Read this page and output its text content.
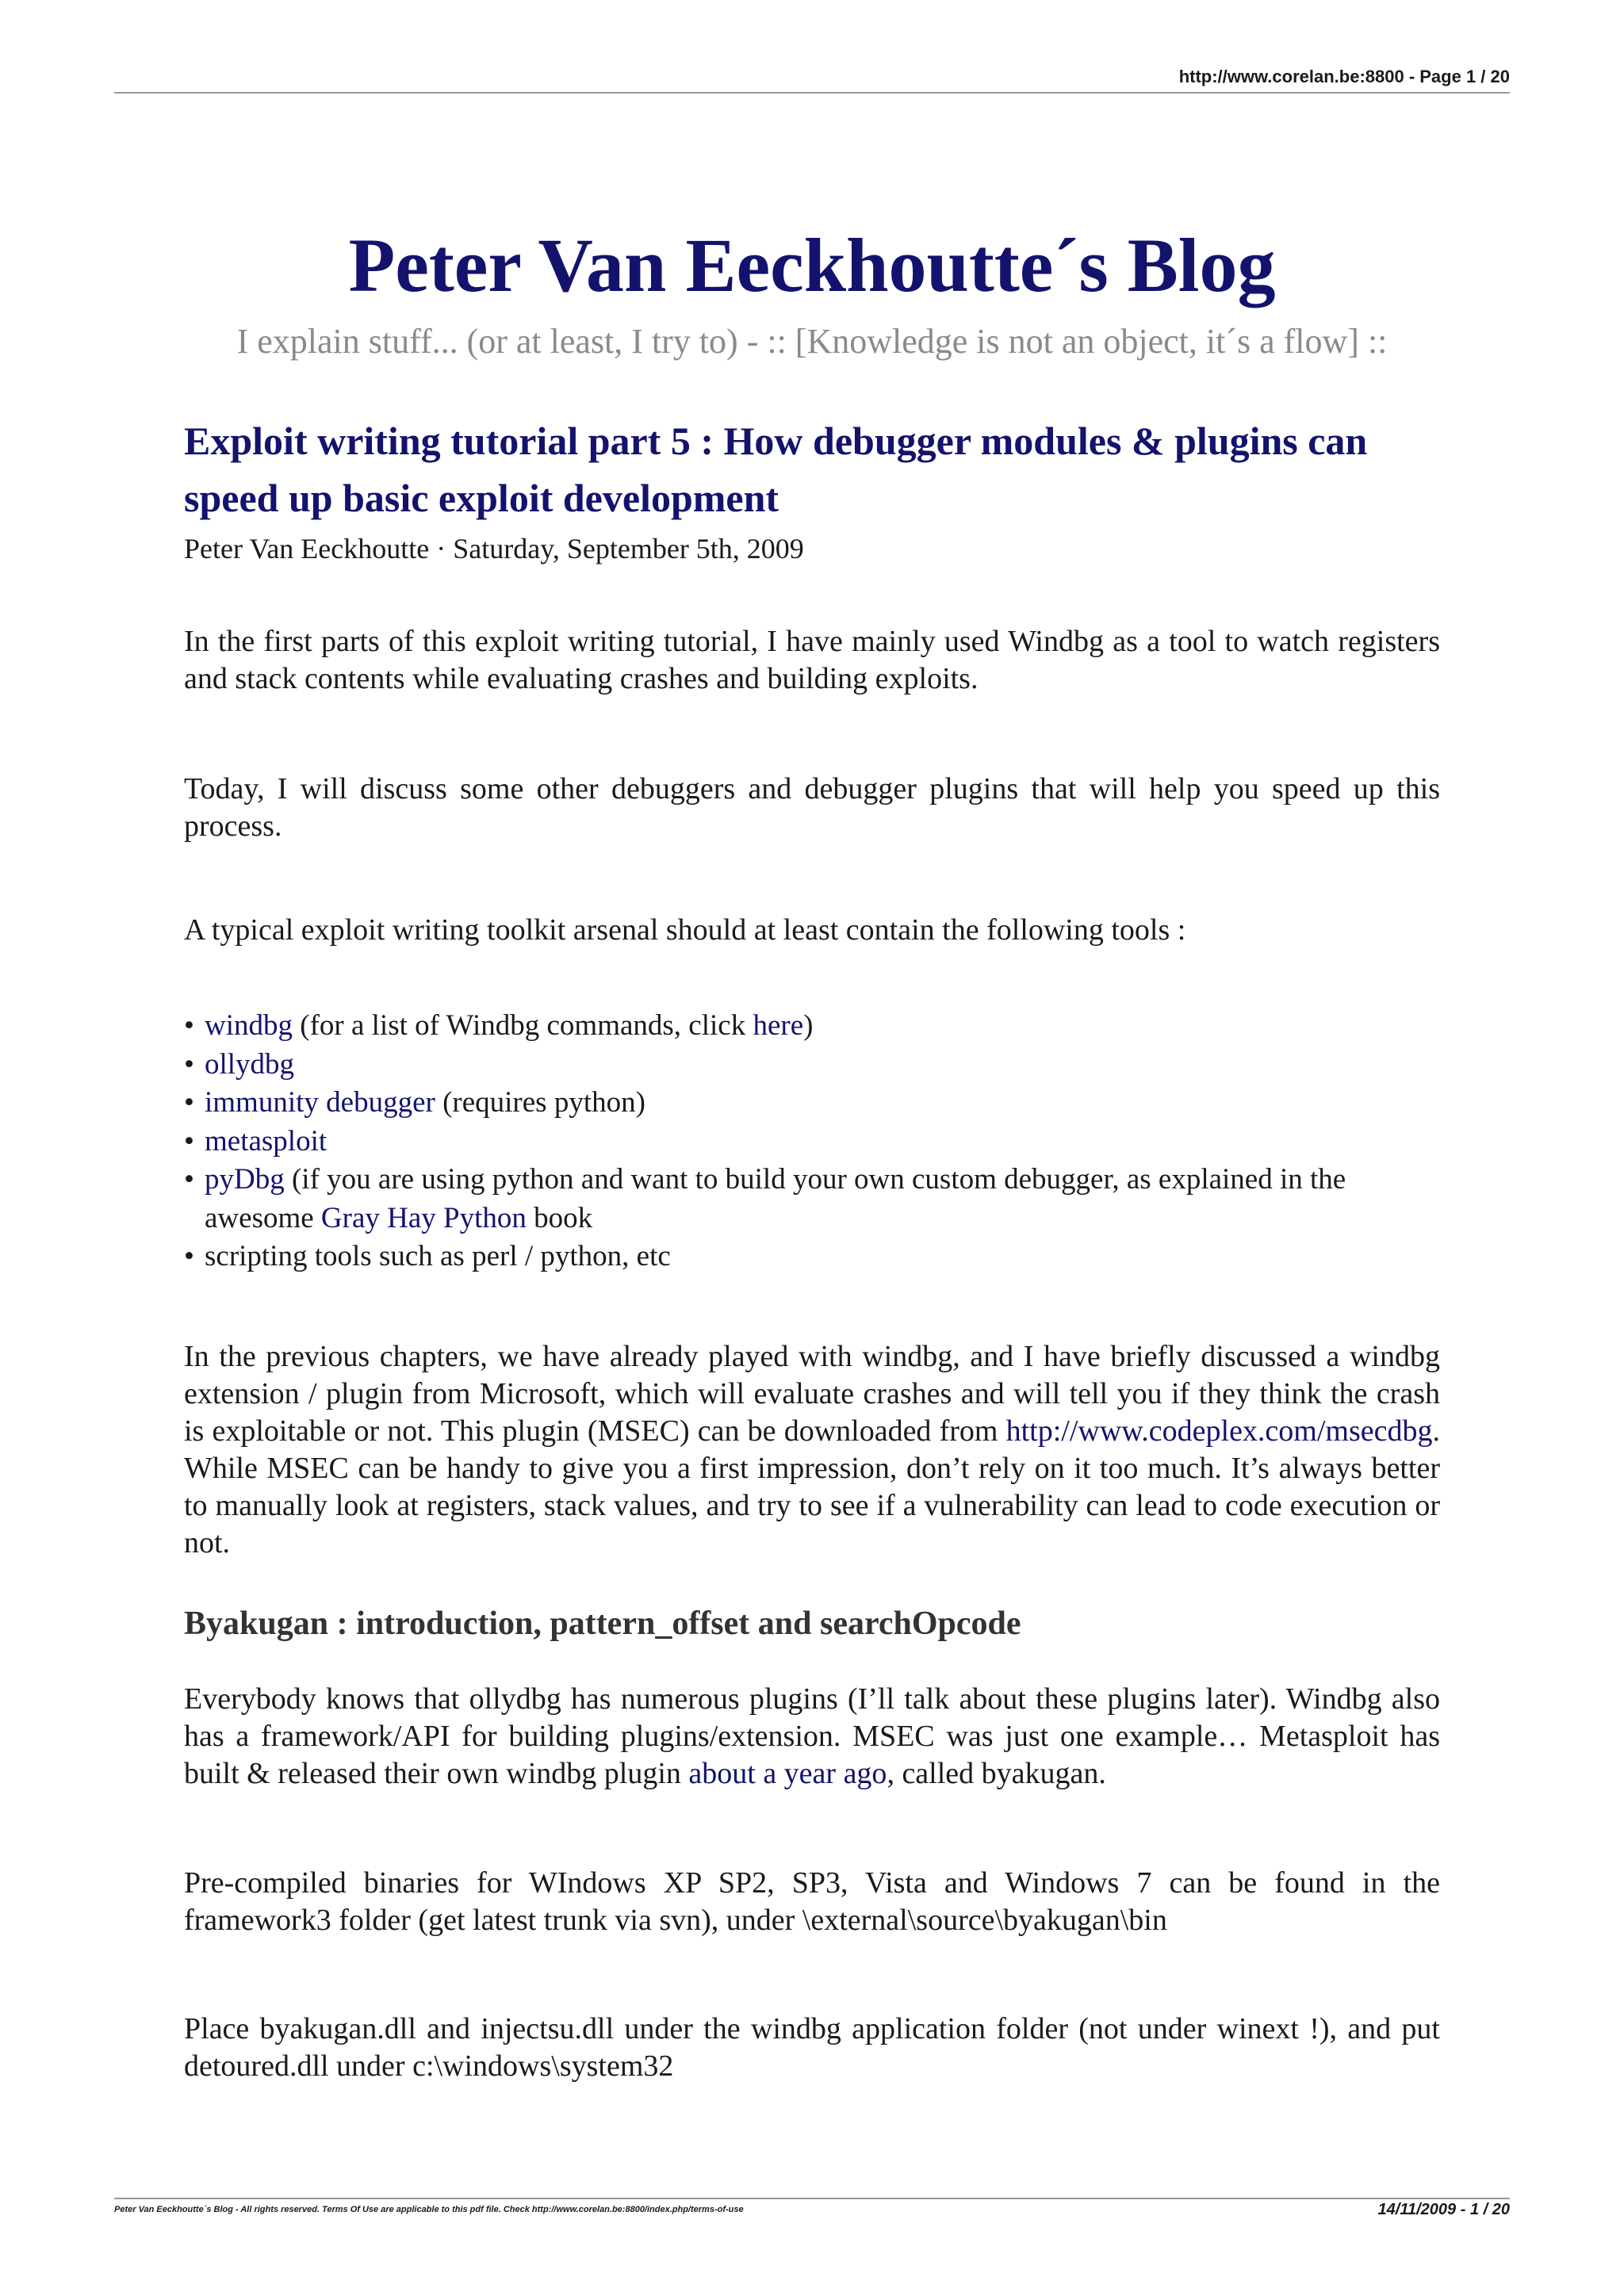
http://www.corelan.be:8800 - Page 1 / 20
Peter Van Eeckhoutte´s Blog
I explain stuff... (or at least, I try to) - :: [Knowledge is not an object, it´s a flow] ::
Exploit writing tutorial part 5 : How debugger modules & plugins can speed up basic exploit development
Peter Van Eeckhoutte · Saturday, September 5th, 2009

In the first parts of this exploit writing tutorial, I have mainly used Windbg as a tool to watch registers and stack contents while evaluating crashes and building exploits.

Today, I will discuss some other debuggers and debugger plugins that will help you speed up this process.

A typical exploit writing toolkit arsenal should at least contain the following tools :

• windbg (for a list of Windbg commands, click here)
• ollydbg
• immunity debugger (requires python)
• metasploit
• pyDbg (if you are using python and want to build your own custom debugger, as explained in the awesome Gray Hay Python book
• scripting tools such as perl / python, etc

In the previous chapters, we have already played with windbg, and I have briefly discussed a windbg extension / plugin from Microsoft, which will evaluate crashes and will tell you if they think the crash is exploitable or not. This plugin (MSEC) can be downloaded from http://www.codeplex.com/msecdbg. While MSEC can be handy to give you a first impression, don’t rely on it too much. It’s always better to manually look at registers, stack values, and try to see if a vulnerability can lead to code execution or not.

Byakugan : introduction, pattern_offset and searchOpcode

Everybody knows that ollydbg has numerous plugins (I’ll talk about these plugins later). Windbg also has a framework/API for building plugins/extension. MSEC was just one example… Metasploit has built & released their own windbg plugin about a year ago, called byakugan.

Pre-compiled binaries for WIndows XP SP2, SP3, Vista and Windows 7 can be found in the framework3 folder (get latest trunk via svn), under \external\source\byakugan\bin

Place byakugan.dll and injectsu.dll under the windbg application folder (not under winext !), and put detoured.dll under c:\windows\system32

Peter Van Eeckhoutte´s Blog - All rights reserved. Terms Of Use are applicable to this pdf file. Check http://www.corelan.be:8800/index.php/terms-of-use	14/11/2009 - 1 / 20
